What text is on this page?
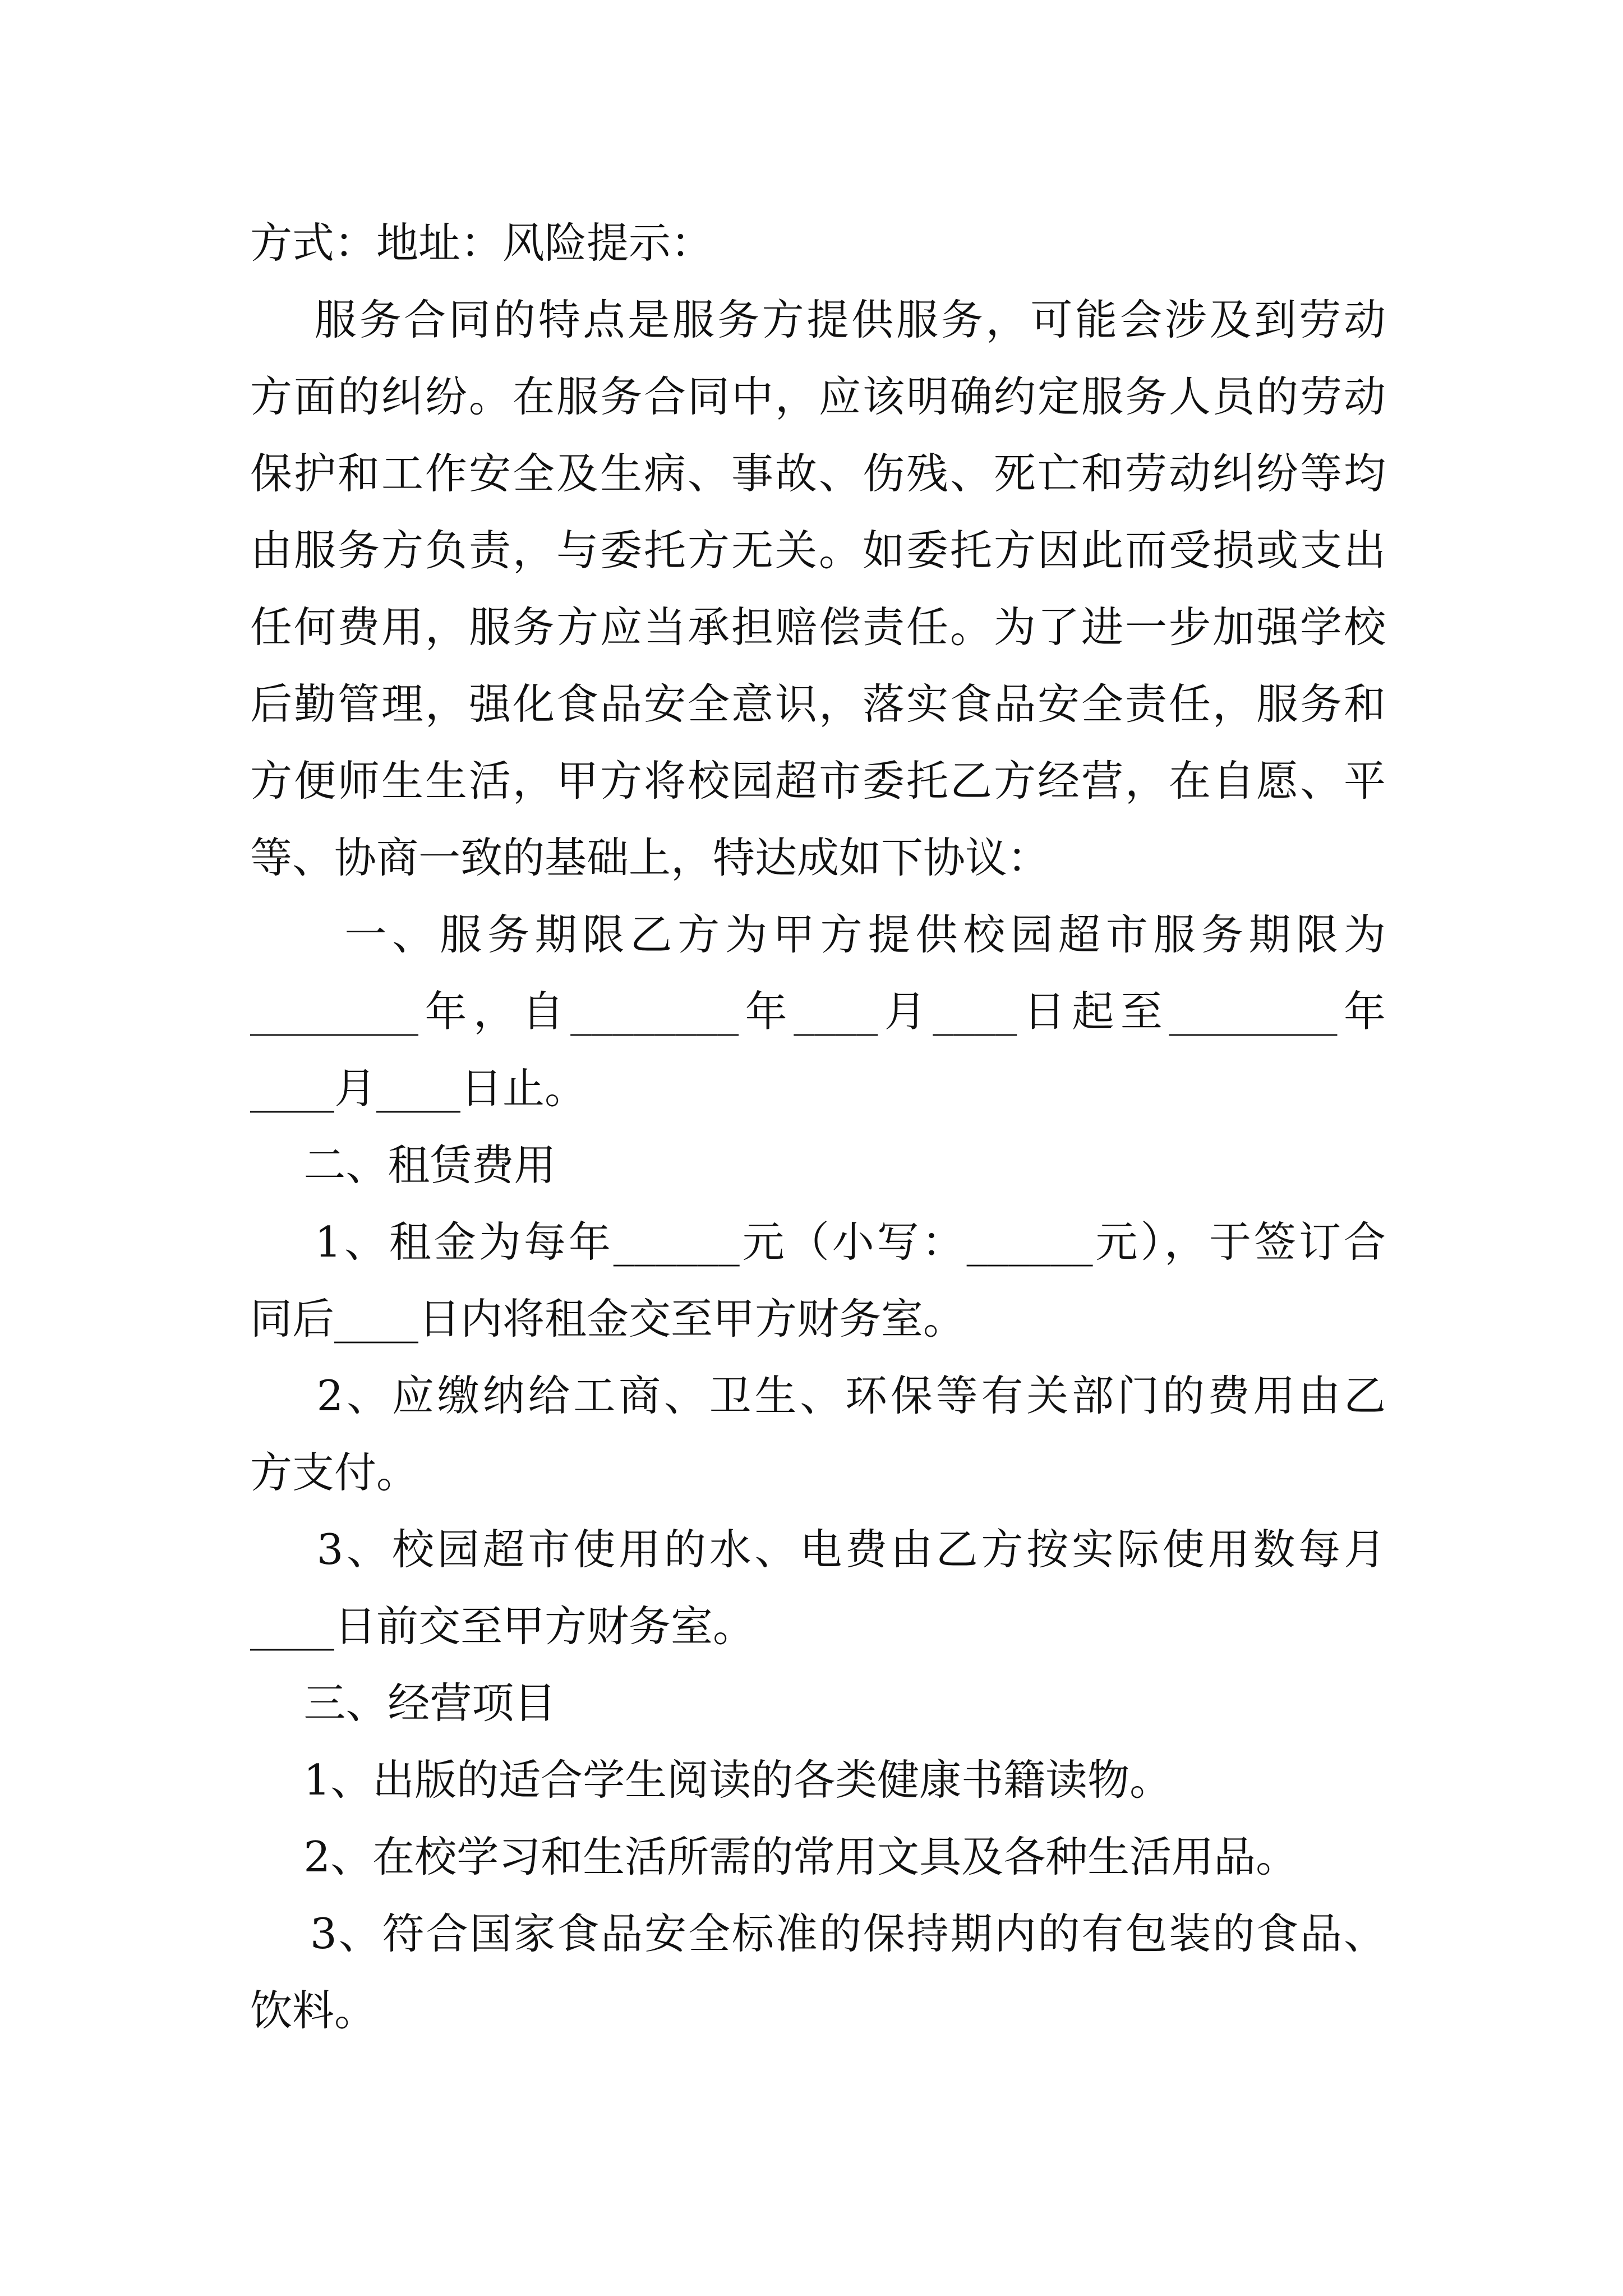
方式：地址：风险提示：
服务合同的特点是服务方提供服务，可能会涉及到劳动
方面的纠纷。在服务合同中，应该明确约定服务人员的劳动
保护和工作安全及生病、事故、伤残、死亡和劳动纠纷等均
由服务方负责，与委托方无关。如委托方因此而受损或支出
任何费用，服务方应当承担赔偿责任。为了进一步加强学校
后勤管理，强化食品安全意识，落实食品安全责任，服务和
方便师生生活，甲方将校园超市委托乙方经营，在自愿、平
等、协商一致的基础上，特达成如下协议：
一、服务期限乙方为甲方提供校园超市服务期限为
________年，自________年____月____日起至________年
____月____日止。
二、租赁费用
1、租金为每年______元（小写：______元），于签订合
同后____日内将租金交至甲方财务室。
2、应缴纳给工商、卫生、环保等有关部门的费用由乙
方支付。
3、校园超市使用的水、电费由乙方按实际使用数每月
____日前交至甲方财务室。
三、经营项目
1、出版的适合学生阅读的各类健康书籍读物。
2、在校学习和生活所需的常用文具及各种生活用品。
3、符合国家食品安全标准的保持期内的有包装的食品、
饮料。
